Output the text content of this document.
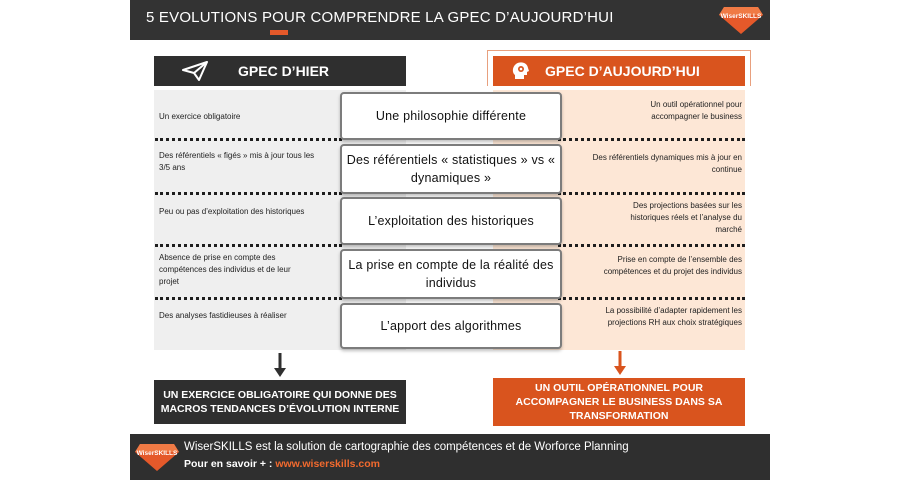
5 EVOLUTIONS POUR COMPRENDRE LA GPEC D’AUJOURD’HUI	WiserSKILLS
GPEC D’HIER	GPEC D’AUJOURD’HUI
Un exercice obligatoire
Des référentiels « figés » mis à jour tous les 3/5 ans
Peu ou pas d’exploitation des historiques
Absence de prise en compte des compétences des individus et de leur projet
Des analyses fastidieuses à réaliser
Un outil opérationnel pour accompagner le business
Des référentiels dynamiques mis à jour en continue
Des projections basées sur les historiques réels et l’analyse du marché
Prise en compte de l’ensemble des compétences et du projet des individus
La possibilité d’adapter rapidement les projections RH aux choix stratégiques
Une philosophie différente
Des référentiels « statistiques » vs « dynamiques »
L’exploitation des historiques
La prise en compte de la réalité des individus
L’apport des algorithmes
UN EXERCICE OBLIGATOIRE QUI DONNE DES MACROS TENDANCES D’ÉVOLUTION INTERNE
UN OUTIL OPÉRATIONNEL POUR ACCOMPAGNER LE BUSINESS DANS SA TRANSFORMATION
WiserSKILLS
WiserSKILLS est la solution de cartographie des compétences et de Worforce Planning
Pour en savoir + : www.wiserskills.com
